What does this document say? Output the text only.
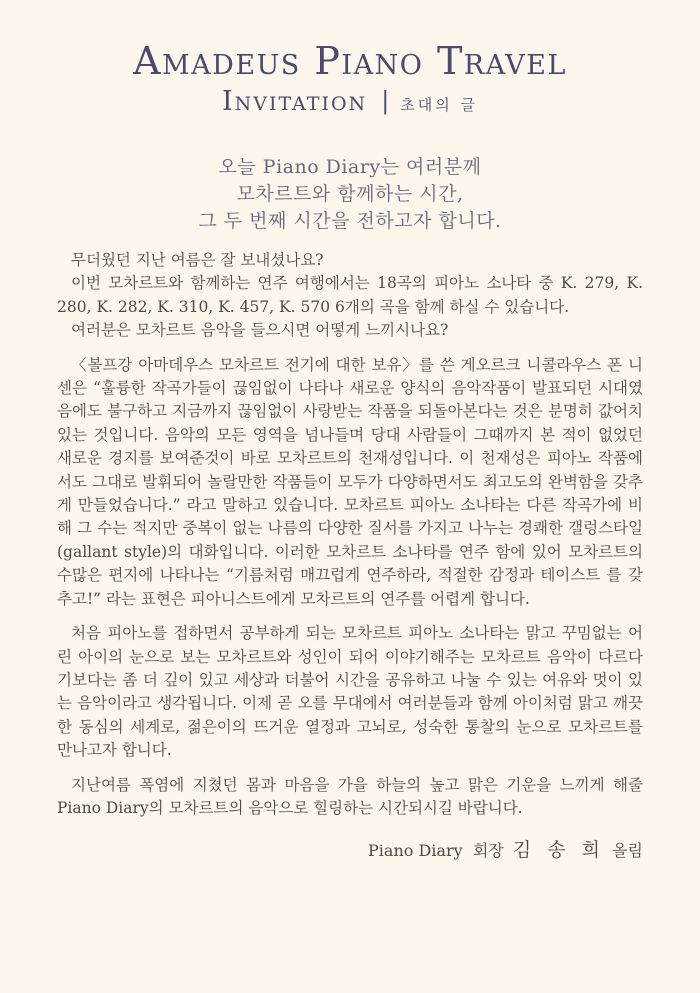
Amadeus Piano Travel
Invitation | 초대의 글

오늘 Piano Diary는 여러분께

모차르트와 함께하는 시간,

그 두 번째 시간을 전하고자 합니다.

무더웠던 지난 여름은 잘 보내셨나요?

이번 모차르트와 함께하는 연주 여행에서는 18곡의 피아노 소나타 중 K. 279, K. 280, K. 282, K. 310, K. 457, K. 570 6개의 곡을 함께 하실 수 있습니다.

여러분은 모차르트 음악을 들으시면 어떻게 느끼시나요?

〈볼프강 아마데우스 모차르트 전기에 대한 보유〉를 쓴 게오르크 니콜라우스 폰 니센은 “훌륭한 작곡가들이 끊임없이 나타나 새로운 양식의 음악작품이 발표되던 시대였음에도 불구하고 지금까지 끊임없이 사랑받는 작품을 되돌아본다는 것은 분명히 값어치 있는 것입니다. 음악의 모든 영역을 넘나들며 당대 사람들이 그때까지 본 적이 없었던 새로운 경지를 보여준것이 바로 모차르트의 천재성입니다. 이 천재성은 피아노 작품에서도 그대로 발휘되어 놀랄만한 작품들이 모두가 다양하면서도 최고도의 완벽함을 갖추게 만들었습니다.” 라고 말하고 있습니다. 모차르트 피아노 소나타는 다른 작곡가에 비해 그 수는 적지만 중복이 없는 나름의 다양한 질서를 가지고 나누는 경쾌한 갤렁스타일(gallant style)의 대화입니다. 이러한 모차르트 소나타를 연주 함에 있어 모차르트의 수많은 편지에 나타나는 “기름처럼 매끄럽게 연주하라, 적절한 감정과 테이스트 를 갖추고!” 라는 표현은 피아니스트에게 모차르트의 연주를 어렵게 합니다.

처음 피아노를 접하면서 공부하게 되는 모차르트 피아노 소나타는 맑고 꾸밈없는 어린 아이의 눈으로 보는 모차르트와 성인이 되어 이야기해주는 모차르트 음악이 다르다기보다는 좀 더 깊이 있고 세상과 더불어 시간을 공유하고 나눌 수 있는 여유와 멋이 있는 음악이라고 생각됩니다. 이제 곧 오를 무대에서 여러분들과 함께 아이처럼 맑고 깨끗한 동심의 세계로, 젊은이의 뜨거운 열정과 고뇌로, 성숙한 통찰의 눈으로 모차르트를 만나고자 합니다.

지난여름 폭염에 지쳤던 몸과 마음을 가을 하늘의 높고 맑은 기운을 느끼게 해줄 Piano Diary의 모차르트의 음악으로 힐링하는 시간되시길 바랍니다.

Piano Diary  회장 김 송 희 올림
